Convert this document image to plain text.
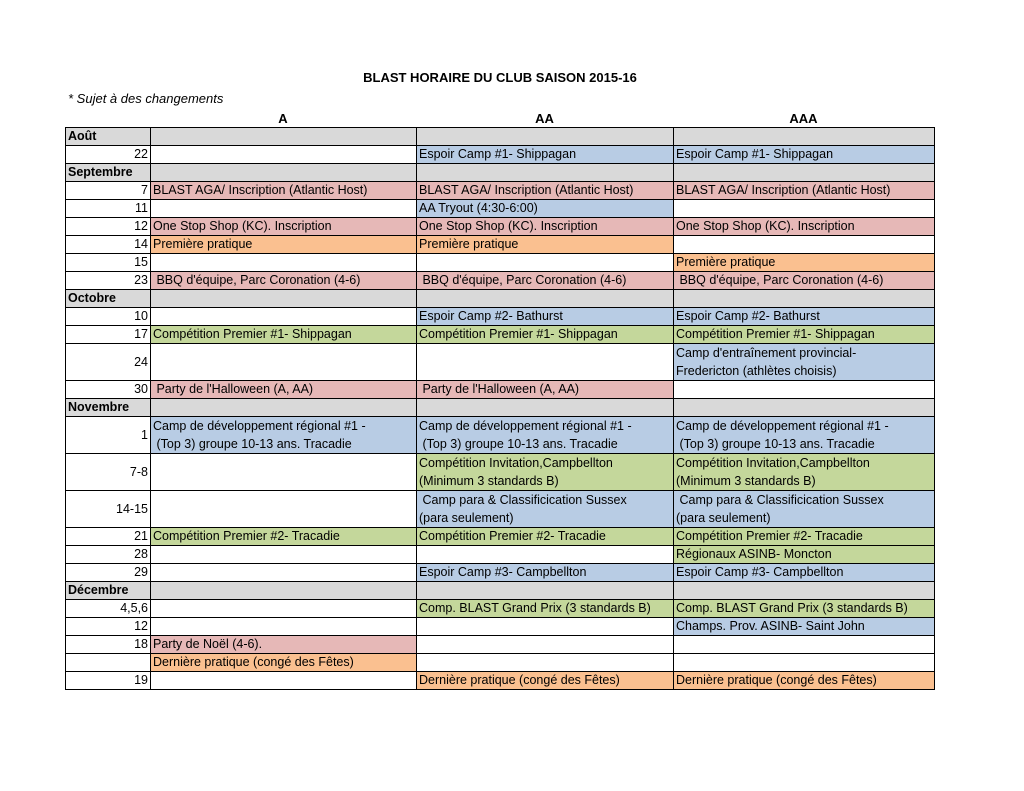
BLAST HORAIRE DU CLUB SAISON 2015-16
* Sujet à des changements
A	AA	AAA
Août			
22		Espoir Camp #1- Shippagan	Espoir Camp #1- Shippagan
Septembre			
7	BLAST AGA/ Inscription (Atlantic Host)	BLAST AGA/ Inscription (Atlantic Host)	BLAST AGA/ Inscription (Atlantic Host)
11		AA Tryout (4:30-6:00)	
12	One Stop Shop (KC). Inscription	One Stop Shop (KC). Inscription	One Stop Shop (KC). Inscription
14	Première pratique	Première pratique	
15			Première pratique
23	BBQ d'équipe, Parc Coronation (4-6)	BBQ d'équipe, Parc Coronation (4-6)	BBQ d'équipe, Parc Coronation (4-6)
Octobre			
10		Espoir Camp #2- Bathurst	Espoir Camp #2- Bathurst
17	Compétition Premier #1- Shippagan	Compétition Premier #1- Shippagan	Compétition Premier #1- Shippagan
24			Camp d'entraînement provincial-
Fredericton (athlètes choisis)

30	Party de l'Halloween (A, AA)	Party de l'Halloween (A, AA)	
Novembre			
1	Camp de développement régional #1 -
(Top 3) groupe 10-13 ans. Tracadie	Camp de développement régional #1 -
(Top 3) groupe 10-13 ans. Tracadie	Camp de développement régional #1 -
(Top 3) groupe 10-13 ans. Tracadie

7-8		Compétition Invitation,Campbellton
(Minimum 3 standards B)	Compétition Invitation,Campbellton
(Minimum 3 standards B)

14-15		Camp para & Classificication Sussex
(para seulement)	Camp para & Classificication Sussex
(para seulement)

21	Compétition Premier #2- Tracadie	Compétition Premier #2- Tracadie	Compétition Premier #2- Tracadie
28			Régionaux ASINB- Moncton
29		Espoir Camp #3- Campbellton	Espoir Camp #3- Campbellton
Décembre			
4,5,6		Comp. BLAST Grand Prix (3 standards B)	Comp. BLAST Grand Prix (3 standards B)
12			Champs. Prov. ASINB- Saint John
18	Party de Noël (4-6).		
	Dernière pratique (congé des Fêtes)		
19		Dernière pratique (congé des Fêtes)	Dernière pratique (congé des Fêtes)
